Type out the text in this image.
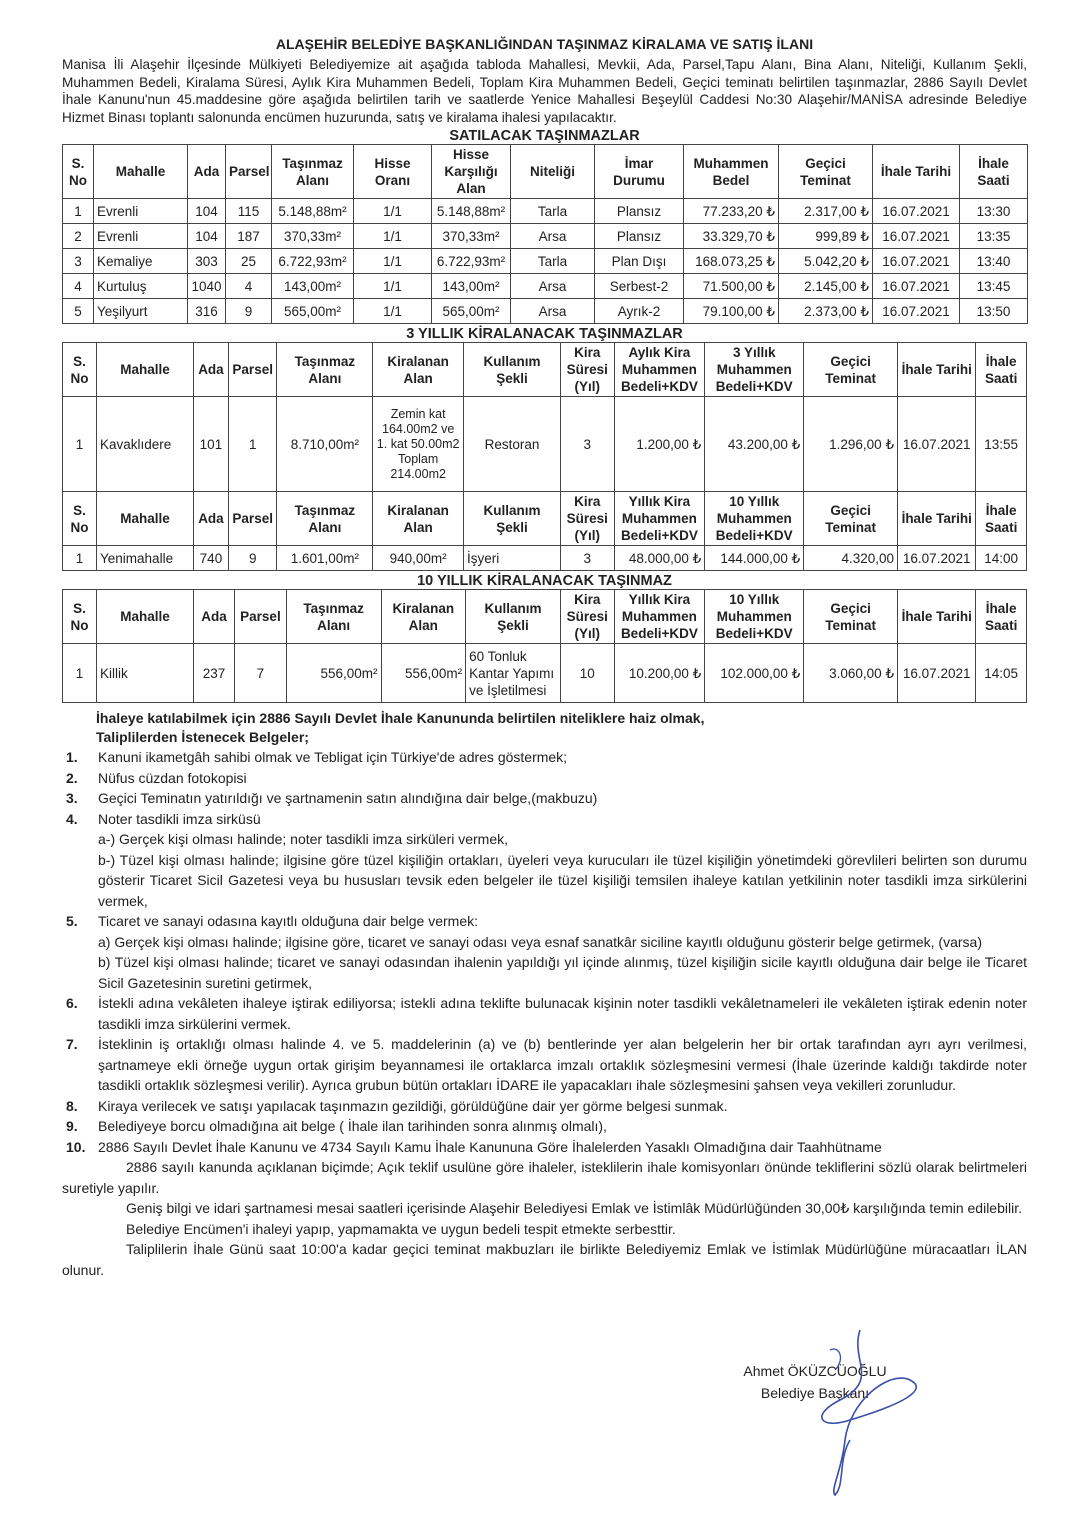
ALAŞEHİR BELEDİYE BAŞKANLIĞINDAN TAŞINMAZ KİRALAMA VE SATIŞ İLANI
Manisa İli Alaşehir İlçesinde Mülkiyeti Belediyemize ait aşağıda tabloda Mahallesi, Mevkii, Ada, Parsel,Tapu Alanı, Bina Alanı, Niteliği, Kullanım Şekli, Muhammen Bedeli, Kiralama Süresi, Aylık Kira Muhammen Bedeli, Toplam Kira Muhammen Bedeli, Geçici teminatı belirtilen taşınmazlar, 2886 Sayılı Devlet İhale Kanunu'nun 45.maddesine göre aşağıda belirtilen tarih ve saatlerde Yenice Mahallesi Beşeylül Caddesi No:30 Alaşehir/MANİSA adresinde Belediye Hizmet Binası toplantı salonunda encümen huzurunda, satış ve kiralama ihalesi yapılacaktır.
SATILACAK TAŞINMAZLAR
S. No	Mahalle	Ada	Parsel	Taşınmaz Alanı	Hisse Oranı	Hisse Karşılığı Alan	Niteliği	İmar Durumu	Muhammen Bedel	Geçici Teminat	İhale Tarihi	İhale Saati
1	Evrenli	104	115	5.148,88m²	1/1	5.148,88m²	Tarla	Plansız	77.233,20 ₺	2.317,00 ₺	16.07.2021	13:30
2	Evrenli	104	187	370,33m²	1/1	370,33m²	Arsa	Plansız	33.329,70 ₺	999,89 ₺	16.07.2021	13:35
3	Kemaliye	303	25	6.722,93m²	1/1	6.722,93m²	Tarla	Plan Dışı	168.073,25 ₺	5.042,20 ₺	16.07.2021	13:40
4	Kurtuluş	1040	4	143,00m²	1/1	143,00m²	Arsa	Serbest-2	71.500,00 ₺	2.145,00 ₺	16.07.2021	13:45
5	Yeşilyurt	316	9	565,00m²	1/1	565,00m²	Arsa	Ayrık-2	79.100,00 ₺	2.373,00 ₺	16.07.2021	13:50
3 YILLIK KİRALANACAK TAŞINMAZLAR
S. No	Mahalle	Ada	Parsel	Taşınmaz Alanı	Kiralanan Alan	Kullanım Şekli	Kira Süresi (Yıl)	Aylık Kira Muhammen Bedeli+KDV	3 Yıllık Muhammen Bedeli+KDV	Geçici Teminat	İhale Tarihi	İhale Saati
1	Kavaklıdere	101	1	8.710,00m²	Zemin kat 164.00m2 ve 1. kat 50.00m2 Toplam 214.00m2	Restoran	3	1.200,00 ₺	43.200,00 ₺	1.296,00 ₺	16.07.2021	13:55
S. No	Mahalle	Ada	Parsel	Taşınmaz Alanı	Kiralanan Alan	Kullanım Şekli	Kira Süresi (Yıl)	Yıllık Kira Muhammen Bedeli+KDV	10 Yıllık Muhammen Bedeli+KDV	Geçici Teminat	İhale Tarihi	İhale Saati
1	Yenimahalle	740	9	1.601,00m²	940,00m²	İşyeri	3	48.000,00 ₺	144.000,00 ₺	4.320,00	16.07.2021	14:00
10 YILLIK KİRALANACAK TAŞINMAZ
S. No	Mahalle	Ada	Parsel	Taşınmaz Alanı	Kiralanan Alan	Kullanım Şekli	Kira Süresi (Yıl)	Yıllık Kira Muhammen Bedeli+KDV	10 Yıllık Muhammen Bedeli+KDV	Geçici Teminat	İhale Tarihi	İhale Saati
1	Killik	237	7	556,00m²	556,00m²	60 Tonluk Kantar Yapımı ve İşletilmesi	10	10.200,00 ₺	102.000,00 ₺	3.060,00 ₺	16.07.2021	14:05
İhaleye katılabilmek için 2886 Sayılı Devlet İhale Kanununda belirtilen niteliklere haiz olmak,
Taliplilerden İstenecek Belgeler;
1. Kanuni ikametgâh sahibi olmak ve Tebligat için Türkiye'de adres göstermek;
2. Nüfus cüzdan fotokopisi
3. Geçici Teminatın yatırıldığı ve şartnamenin satın alındığına dair belge,(makbuzu)
4. Noter tasdikli imza sirküsü
a-) Gerçek kişi olması halinde; noter tasdikli imza sirküleri vermek,
b-) Tüzel kişi olması halinde; ilgisine göre tüzel kişiliğin ortakları, üyeleri veya kurucuları ile tüzel kişiliğin yönetimdeki görevlileri belirten son durumu gösterir Ticaret Sicil Gazetesi veya bu hususları tevsik eden belgeler ile tüzel kişiliği temsilen ihaleye katılan yetkilinin noter tasdikli imza sirkülerini vermek,
5. Ticaret ve sanayi odasına kayıtlı olduğuna dair belge vermek:
a) Gerçek kişi olması halinde; ilgisine göre, ticaret ve sanayi odası veya esnaf sanatkâr siciline kayıtlı olduğunu gösterir belge getirmek, (varsa)
b) Tüzel kişi olması halinde; ticaret ve sanayi odasından ihalenin yapıldığı yıl içinde alınmış, tüzel kişiliğin sicile kayıtlı olduğuna dair belge ile Ticaret Sicil Gazetesinin suretini getirmek,
6. İstekli adına vekâleten ihaleye iştirak ediliyorsa; istekli adına teklifte bulunacak kişinin noter tasdikli vekâletnameleri ile vekâleten iştirak edenin noter tasdikli imza sirkülerini vermek.
7. İsteklinin iş ortaklığı olması halinde 4. ve 5. maddelerinin (a) ve (b) bentlerinde yer alan belgelerin her bir ortak tarafından ayrı ayrı verilmesi, şartnameye ekli örneğe uygun ortak girişim beyannamesi ile ortaklarca imzalı ortaklık sözleşmesini vermesi (İhale üzerinde kaldığı takdirde noter tasdikli ortaklık sözleşmesi verilir). Ayrıca grubun bütün ortakları İDARE ile yapacakları ihale sözleşmesini şahsen veya vekilleri zorunludur.
8. Kiraya verilecek ve satışı yapılacak taşınmazın gezildiği, görüldüğüne dair yer görme belgesi sunmak.
9. Belediyeye borcu olmadığına ait belge ( İhale ilan tarihinden sonra alınmış olmalı),
10. 2886 Sayılı Devlet İhale Kanunu ve 4734 Sayılı Kamu İhale Kanununa Göre İhalelerden Yasaklı Olmadığına dair Taahhütname
2886 sayılı kanunda açıklanan biçimde; Açık teklif usulüne göre ihaleler, isteklilerin ihale komisyonları önünde tekliflerini sözlü olarak belirtmeleri suretiyle yapılır.
Geniş bilgi ve idari şartnamesi mesai saatleri içerisinde Alaşehir Belediyesi Emlak ve İstimlâk Müdürlüğünden 30,00₺ karşılığında temin edilebilir.
Belediye Encümen'i ihaleyi yapıp, yapmamakta ve uygun bedeli tespit etmekte serbesttir.
Taliplilerin İhale Günü saat 10:00'a kadar geçici teminat makbuzları ile birlikte Belediyemiz Emlak ve İstimlak Müdürlüğüne müracaatları İLAN olunur.
Ahmet ÖKÜZCÜOĞLU
Belediye Başkanı
